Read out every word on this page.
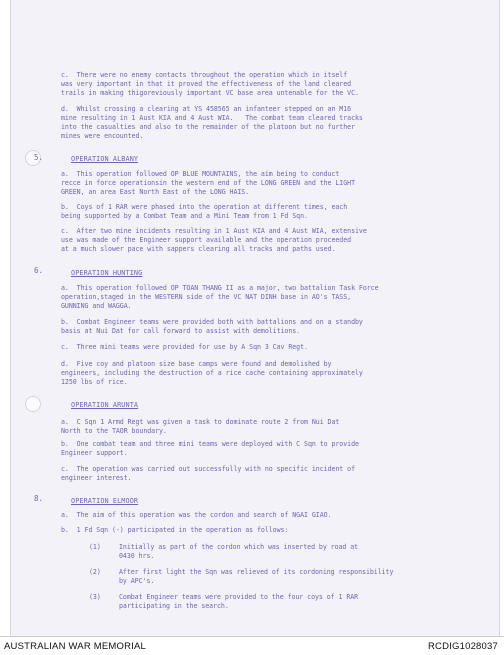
c.  There were no enemy contacts throughout the operation which in itself
was very important in that it proved the effectiveness of the land cleared
trails in making thigoreviously important VC base area untenable for the VC.
d.  Whilst crossing a clearing at YS 458565 an infanteer stepped on an M16
mine resulting in 1 Aust KIA and 4 Aust WIA.   The combat team cleared tracks
into the casualties and also to the remainder of the platoon but no further
mines were encounted.
5.	OPERATION ALBANY
a.  This operation followed OP BLUE MOUNTAINS, the aim being to conduct
recce in force operationsin the western end of the LONG GREEN and the LIGHT
GREEN, an area East North East of the LONG HAIS.
b.  Coys of 1 RAR were phased into the operation at different times, each
being supported by a Combat Team and a Mini Team from 1 Fd Sqn.
c.  After two mine incidents resulting in 1 Aust KIA and 4 Aust WIA, extensive
use was made of the Engineer support available and the operation proceeded
at a much slower pace with sappers clearing all tracks and paths used.
6.	OPERATION HUNTING
a.  This operation followed OP TOAN THANG II as a major, two battalion Task Force
operation,staged in the WESTERN side of the VC NAT DINH base in AO's TASS,
GUNNING and WAGGA.
b.  Combat Engineer teams were provided both with battalions and on a standby
basis at Nui Dat for call forward to assist with demolitions.
c.  Three mini teams were provided for use by A Sqn 3 Cav Regt.
d.  Five coy and platoon size base camps were found and demolished by
engineers, including the destruction of a rice cache containing approximately
1250 lbs of rice.
OPERATION ARUNTA
a.  C Sqn 1 Armd Regt was given a task to dominate route 2 from Nui Dat
North to the TAOR boundary.
b.  One combat team and three mini teams were deployed with C Sqn to provide
Engineer support.
c.  The operation was carried out successfully with no specific incident of
engineer interest.
8.	OPERATION ELMOOR
a.  The aim of this operation was the cordon and search of NGAI GIAO.
b.  1 Fd Sqn (-) participated in the operation as follows:
(1)	Initially as part of the cordon which was inserted by road at
0430 hrs.
(2)	After first light the Sqn was relieved of its cordoning responsibility
by APC's.
(3)	Combat Engineer teams were provided to the four coys of 1 RAR
participating in the search.
AUSTRALIAN WAR MEMORIAL	RCDIG1028037
